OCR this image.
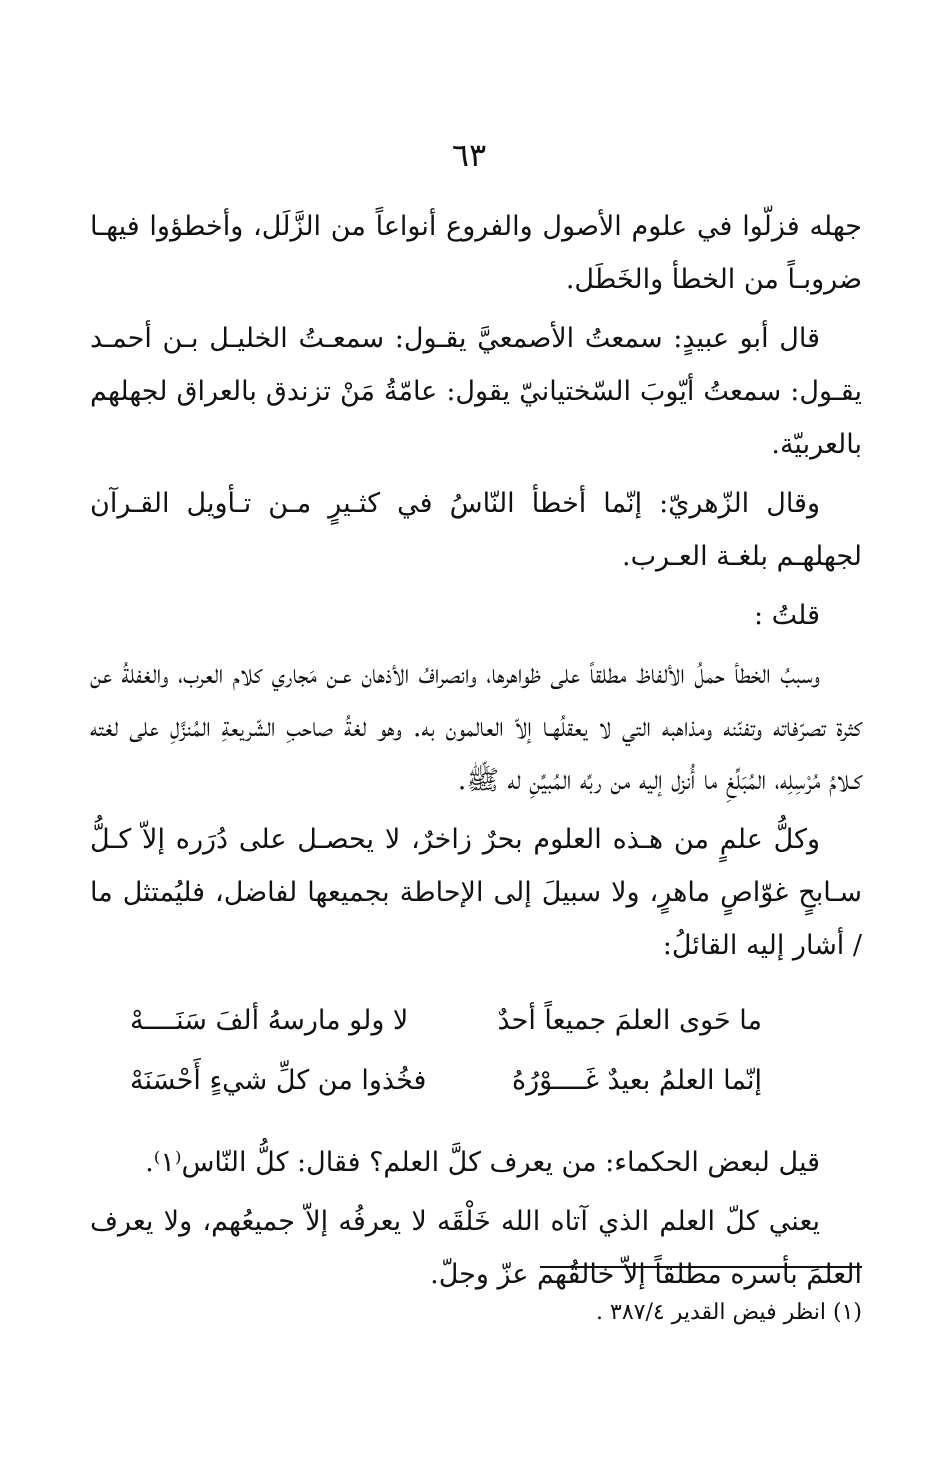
٦٣

جهله فزلّوا في علوم الأصول والفروع أنواعاً من الزَّلَل، وأخطؤوا فيهـا ضروبـاً من الخطأ والخَطَل.

قال أبو عبيدٍ: سمعتُ الأصمعيَّ يقـول: سمعـتُ الخليـل بـن أحمـد يقـول: سمعتُ أيّوبَ السّختيانيّ يقول: عامّةُ مَنْ تزندق بالعراق لجهلهم بالعربيّة.

وقال الزّهريّ: إنّما أخطأ النّاسُ في كثـيرٍ مـن تـأويل القـرآن لجهلهـم بلغـة العـرب.

قلتُ :

وسببُ الخطأ حملُ الألفاظ مطلقاً على ظواهرها، وانصرافُ الأذهان عـن مَجاري كلام العرب، والغفلةُ عن كثرة تصرّفاته وتفنّنه ومذاهبه التي لا يعقلُهـا إلاّ العالمون به. وهو لغةُ صاحبِ الشّريعةِ المُنزَّلِ على لغته كـلامُ مُرْسِلِه، المُبَلِّغِ ما أُنزل إليه من ربِّه المُبيِّنِ له ﷺ.

وكلُّ علمٍ من هـذه العلوم بحرٌ زاخرٌ، لا يحصـل على دُرَره إلاّ كـلُّ سـابحٍ غوّاصٍ ماهرٍ، ولا سبيلَ إلى الإحاطة بجميعها لفاضل، فليُمتثل ما / أشار إليه القائلُ:

ما حَوى العلمَ جميعاً أحدٌ
لا ولو مارسهُ ألفَ سَنَــــهْ
إنّما العلمُ بعيدٌ غَــــوْرُهُ
فخُذوا من كلِّ شيءٍ أَحْسَنَهْ

قيل لبعض الحكماء: من يعرف كلَّ العلم؟ فقال: كلُّ النّاس⁽١⁾.

يعني كلّ العلم الذي آتاه الله خَلْقَه لا يعرفُه إلاّ جميعُهم، ولا يعرف العلمَ بأسره مطلقاً إلاّ خالقُهم عزّ وجلّ.

(١) انظر فيض القدير ٣٨٧/٤ .
